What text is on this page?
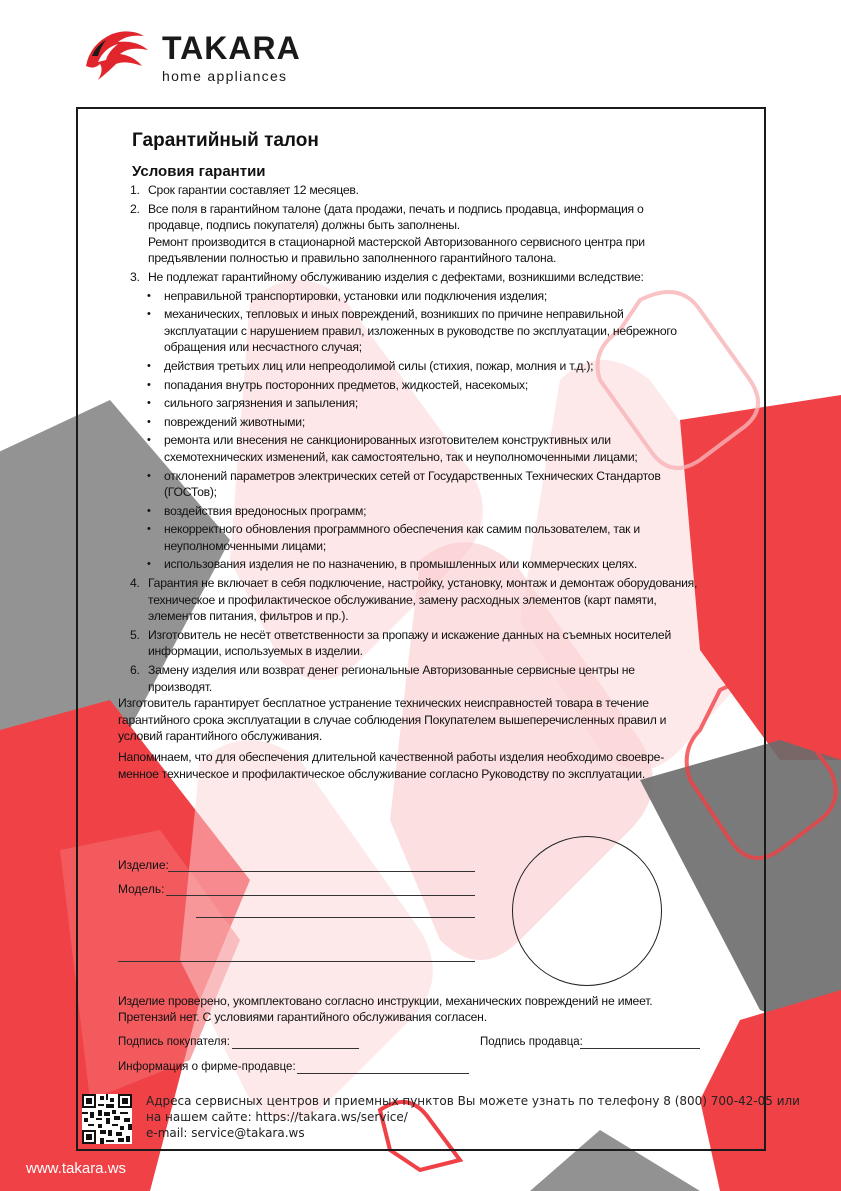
TAKARA
home appliances
Гарантийный талон
Условия гарантии
1. Срок гарантии составляет 12 месяцев.
2. Все поля в гарантийном талоне (дата продажи, печать и подпись продавца, информация о продавце, подпись покупателя) должны быть заполнены.
Ремонт производится в стационарной мастерской Авторизованного сервисного центра при предъявлении полностью и правильно заполненного гарантийного талона.
3. Не подлежат гарантийному обслуживанию изделия с дефектами, возникшими вследствие:
• неправильной транспортировки, установки или подключения изделия;
• механических, тепловых и иных повреждений, возникших по причине неправильной эксплуатации с нарушением правил, изложенных в руководстве по эксплуатации, небрежного обращения или несчастного случая;
• действия третьих лиц или непреодолимой силы (стихия, пожар, молния и т.д.);
• попадания внутрь посторонних предметов, жидкостей, насекомых;
• сильного загрязнения и запыления;
• повреждений животными;
• ремонта или внесения не санкционированных изготовителем конструктивных или схемотехнических изменений, как самостоятельно, так и неуполномоченными лицами;
• отклонений параметров электрических сетей от Государственных Технических Стандартов (ГОСТов);
• воздействия вредоносных программ;
• некорректного обновления программного обеспечения как самим пользователем, так и неуполномоченными лицами;
• использования изделия не по назначению, в промышленных или коммерческих целях.
4. Гарантия не включает в себя подключение, настройку, установку, монтаж и демонтаж оборудования, техническое и профилактическое обслуживание, замену расходных элементов (карт памяти, элементов питания, фильтров и пр.).
5. Изготовитель не несёт ответственности за пропажу и искажение данных на съемных носителей информации, используемых в изделии.
6. Замену изделия или возврат денег региональные Авторизованные сервисные центры не производят.

Изготовитель гарантирует бесплатное устранение технических неисправностей товара в течение гарантийного срока эксплуатации в случае соблюдения Покупателем вышеперечисленных правил и условий гарантийного обслуживания.

Напоминаем, что для обеспечения длительной качественной работы изделия необходимо своевре-менное техническое и профилактическое обслуживание согласно Руководству по эксплуатации.

Изделие:
Модель:
Изделие проверено, укомплектовано согласно инструкции, механических повреждений не имеет.
Претензий нет. С условиями гарантийного обслуживания согласен.
Подпись покупателя:	Подпись продавца:
Информация о фирме-продавце:
Адреса сервисных центров и приемных пунктов Вы можете узнать по телефону 8 (800) 700-42-05 или
на нашем сайте: https://takara.ws/service/
e-mail: service@takara.ws
www.takara.ws
